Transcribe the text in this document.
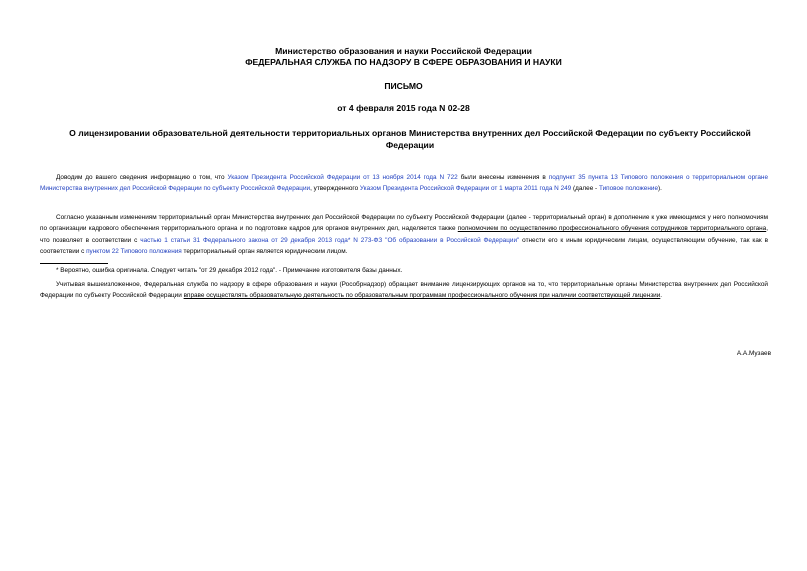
Министерство образования и науки Российской Федерации
ФЕДЕРАЛЬНАЯ СЛУЖБА ПО НАДЗОРУ В СФЕРЕ ОБРАЗОВАНИЯ И НАУКИ
ПИСЬМО
от 4 февраля 2015 года N 02-28
О лицензировании образовательной деятельности территориальных органов Министерства внутренних дел Российской Федерации по субъекту Российской Федерации
Доводим до вашего сведения информацию о том, что Указом Президента Российской Федерации от 13 ноября 2014 года N 722 были внесены изменения в подпункт 35 пункта 13 Типового положения о территориальном органе Министерства внутренних дел Российской Федерации по субъекту Российской Федерации, утвержденного Указом Президента Российской Федерации от 1 марта 2011 года N 249 (далее - Типовое положение).
Согласно указанным изменениям территориальный орган Министерства внутренних дел Российской Федерации по субъекту Российской Федерации (далее - территориальный орган) в дополнение к уже имеющимся у него полномочиям по организации кадрового обеспечения территориального органа и по подготовке кадров для органов внутренних дел, наделяется также полномочием по осуществлению профессионального обучения сотрудников территориального органа, что позволяет в соответствии с частью 1 статьи 31 Федерального закона от 29 декабря 2013 года* N 273-ФЗ "Об образовании в Российской Федерации" отнести его к иным юридическим лицам, осуществляющим обучение, так как в соответствии с пунктом 22 Типового положения территориальный орган является юридическим лицом.
* Вероятно, ошибка оригинала. Следует читать "от 29 декабря 2012 года". - Примечание изготовителя базы данных.
Учитывая вышеизложенное, Федеральная служба по надзору в сфере образования и науки (Рособрнадзор) обращает внимание лицензирующих органов на то, что территориальные органы Министерства внутренних дел Российской Федерации по субъекту Российской Федерации вправе осуществлять образовательную деятельность по образовательным программам профессионального обучения при наличии соответствующей лицензии.
А.А.Музаев
